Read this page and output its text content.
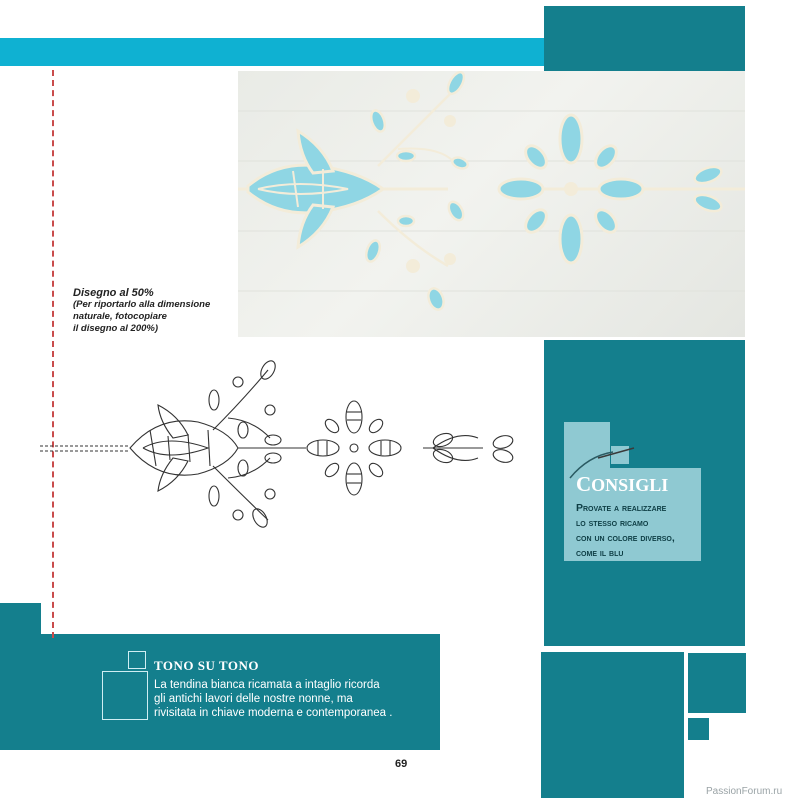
Disegno al 50%
(Per riportarlo alla dimensione
naturale, fotocopiare
il disegno al 200%)
CONSIGLI
Provate a realizzare
lo stesso ricamo
con un colore diverso,
come il blu
TONO SU TONO
La tendina bianca ricamata a intaglio ricorda
gli antichi lavori delle nostre nonne, ma
rivisitata in chiave moderna e contemporanea .
69
PassionForum.ru
